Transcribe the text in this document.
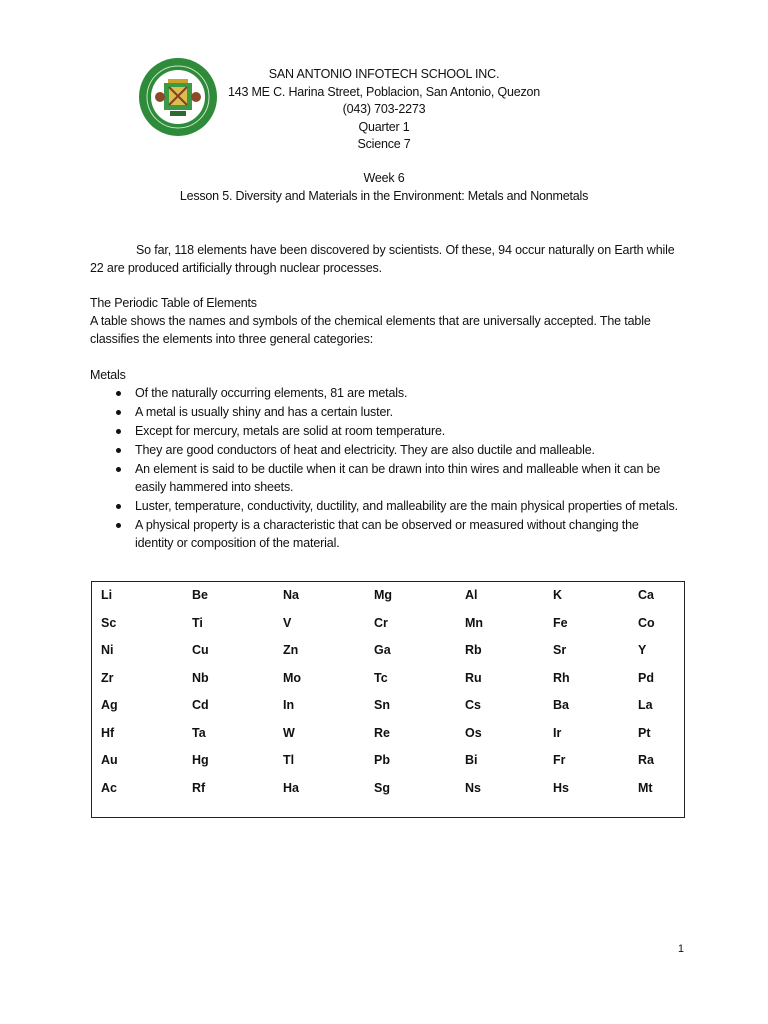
SAN ANTONIO INFOTECH SCHOOL INC.
143 ME C. Harina Street, Poblacion, San Antonio, Quezon
(043) 703-2273
Quarter 1
Science 7
Week 6
Lesson 5. Diversity and Materials in the Environment: Metals and Nonmetals
So far, 118 elements have been discovered by scientists. Of these, 94 occur naturally on Earth while 22 are produced artificially through nuclear processes.
The Periodic Table of Elements
A table shows the names and symbols of the chemical elements that are universally accepted. The table classifies the elements into three general categories:
Metals
Of the naturally occurring elements, 81 are metals.
A metal is usually shiny and has a certain luster.
Except for mercury, metals are solid at room temperature.
They are good conductors of heat and electricity. They are also ductile and malleable.
An element is said to be ductile when it can be drawn into thin wires and malleable when it can be easily hammered into sheets.
Luster, temperature, conductivity, ductility, and malleability are the main physical properties of metals.
A physical property is a characteristic that can be observed or measured without changing the identity or composition of the material.
Li	Be	Na	Mg	Al	K	Ca
Sc	Ti	V	Cr	Mn	Fe	Co
Ni	Cu	Zn	Ga	Rb	Sr	Y
Zr	Nb	Mo	Tc	Ru	Rh	Pd
Ag	Cd	In	Sn	Cs	Ba	La
Hf	Ta	W	Re	Os	Ir	Pt
Au	Hg	Tl	Pb	Bi	Fr	Ra
Ac	Rf	Ha	Sg	Ns	Hs	Mt
1
